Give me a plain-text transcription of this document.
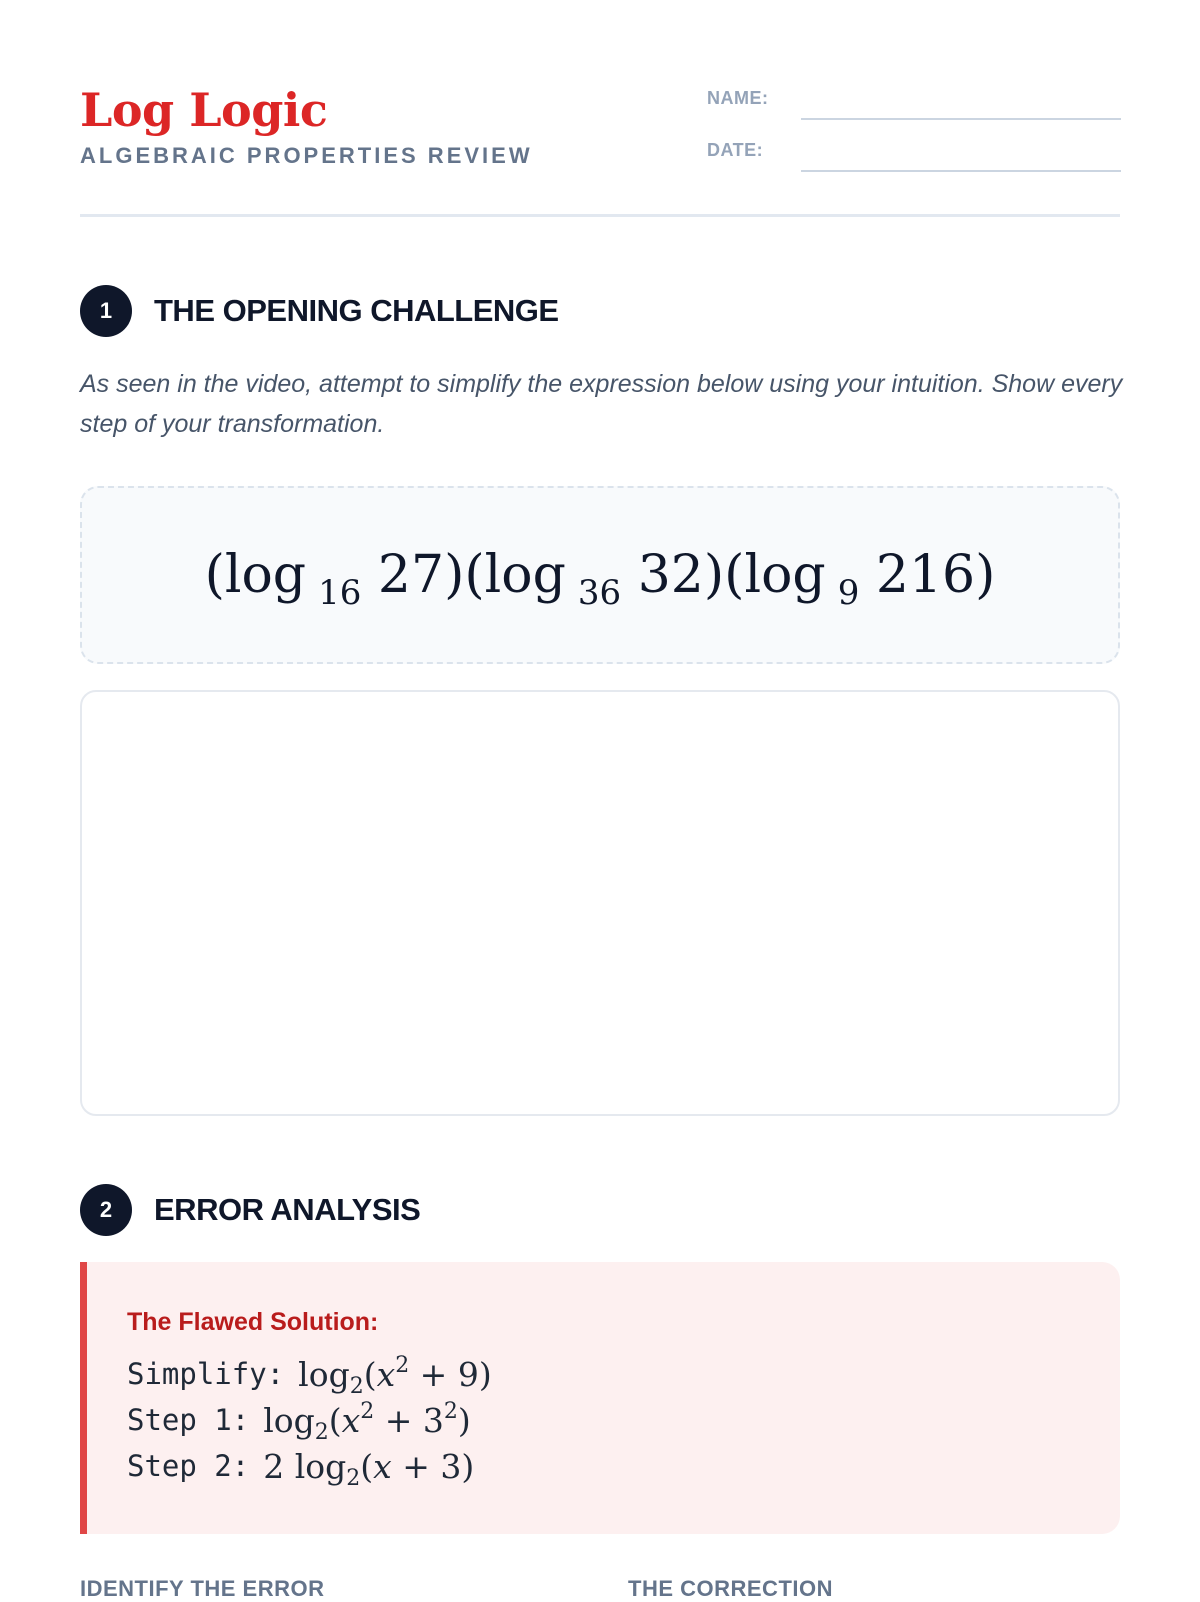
Log Logic
ALGEBRAIC PROPERTIES REVIEW
NAME:
DATE:
1	THE OPENING CHALLENGE
As seen in the video, attempt to simplify the expression below using your intuition. Show every step of your transformation.
(log $_{16}$ 27)(log $_{36}$ 32)(log $_9$ 216)
2	ERROR ANALYSIS
The Flawed Solution:
Simplify: $\log_2(x^2 + 9)$
Step 1: $\log_2(x^2 + 3^2)$
Step 2: 2 $\log_2(x + 3)$
IDENTIFY THE ERROR	THE CORRECTION
